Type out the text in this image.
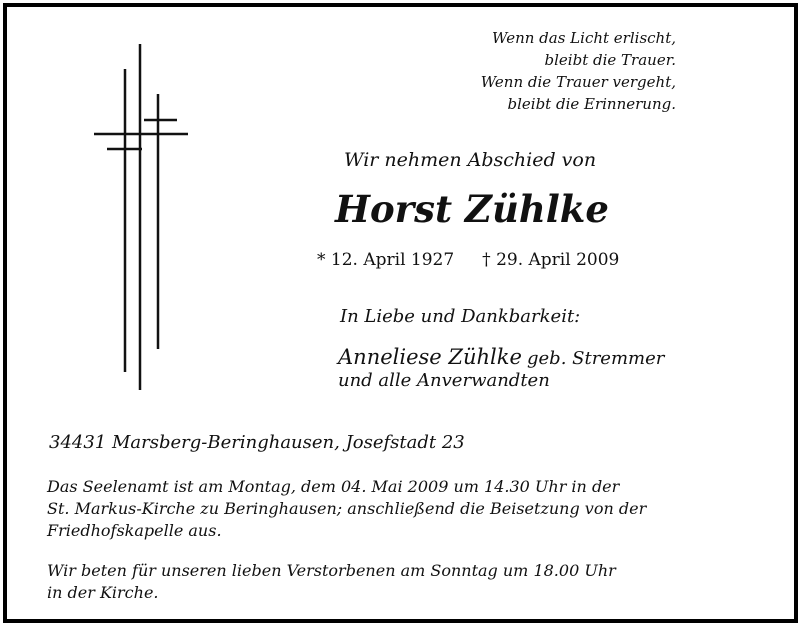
Wenn das Licht erlischt,
bleibt die Trauer.
Wenn die Trauer vergeht,
bleibt die Erinnerung.
Wir nehmen Abschied von
Horst Zühlke
* 12. April 1927 † 29. April 2009
In Liebe und Dankbarkeit:
Anneliese Zühlke geb. Stremmer
und alle Anverwandten
34431 Marsberg-Beringhausen, Josefstadt 23
Das Seelenamt ist am Montag, dem 04. Mai 2009 um 14.30 Uhr in der
St. Markus-Kirche zu Beringhausen; anschließend die Beisetzung von der
Friedhofskapelle aus.
Wir beten für unseren lieben Verstorbenen am Sonntag um 18.00 Uhr
in der Kirche.
